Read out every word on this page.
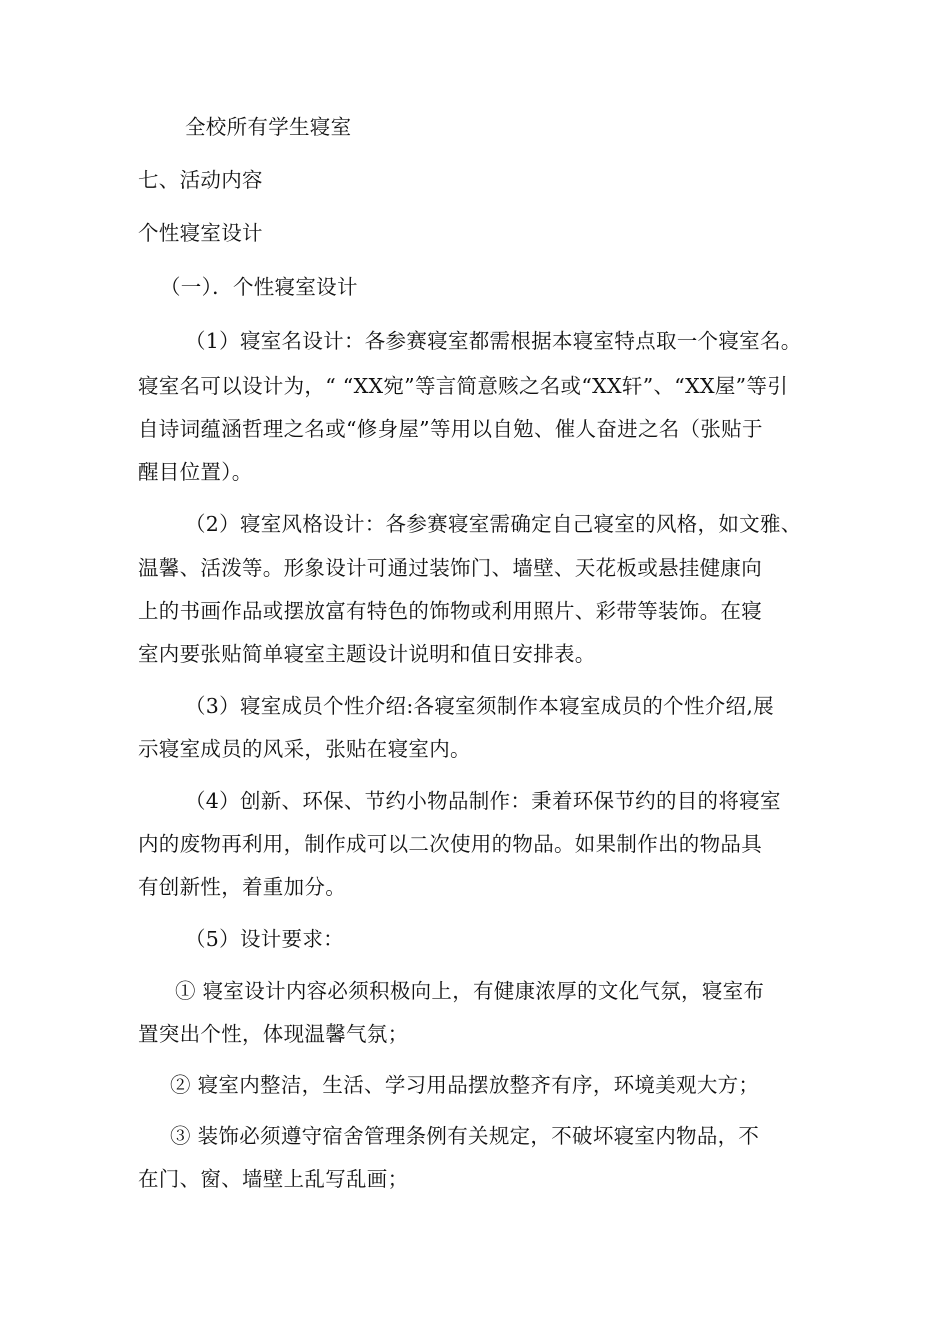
全校所有学生寝室
七、活动内容
个性寝室设计
（一）．个性寝室设计
（1）寝室名设计：各参赛寝室都需根据本寝室特点取一个寝室名。
寝室名可以设计为，“ “XX宛”等言简意赅之名或“XX轩”、“XX屋”等引
自诗词蕴涵哲理之名或“修身屋”等用以自勉、催人奋进之名（张贴于
醒目位置）。
（2）寝室风格设计：各参赛寝室需确定自己寝室的风格，如文雅、
温馨、活泼等。形象设计可通过装饰门、墙壁、天花板或悬挂健康向
上的书画作品或摆放富有特色的饰物或利用照片、彩带等装饰。在寝
室内要张贴简单寝室主题设计说明和值日安排表。
（3）寝室成员个性介绍:各寝室须制作本寝室成员的个性介绍,展
示寝室成员的风采，张贴在寝室内。
（4）创新、环保、节约小物品制作：秉着环保节约的目的将寝室
内的废物再利用，制作成可以二次使用的物品。如果制作出的物品具
有创新性，着重加分。
（5）设计要求：
① 寝室设计内容必须积极向上，有健康浓厚的文化气氛，寝室布
置突出个性，体现温馨气氛；
② 寝室内整洁，生活、学习用品摆放整齐有序，环境美观大方；
③ 装饰必须遵守宿舍管理条例有关规定，不破坏寝室内物品，不
在门、窗、墙壁上乱写乱画；
